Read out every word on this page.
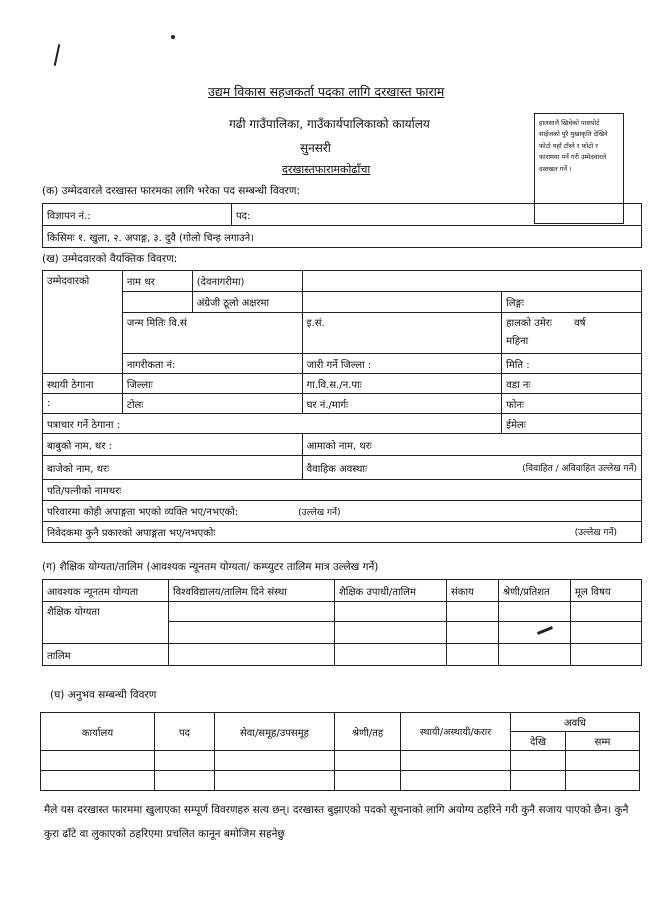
उद्यम विकास सहजकर्ता पदका लागि दरखास्त फाराम
गढी गाउँपालिका, गाउँकार्यपालिकाको कार्यालय
सुनसरी
दरखास्तफारामकोढाँचा
हालसालै खिचेको पासपोर्ट साईजको पुरै मुखाकृति देखिने फोटो यहाँ टाँस्ने र फोटो र फाराममा पर्ने गरी उम्मेदवारले दस्तखत गर्ने ।
(क) उम्मेदवारले दरखास्त फारमका लागि भरेका पद सम्बन्धी विवरण:
विज्ञापन नं.:	पद:
किसिमः १. खुला, २. अपाङ्ग, ३. दुवै (गोलो चिन्ह लगाउने।
(ख) उम्मेदवारको वैयक्तिक विवरण:
उम्मेदवारको	नाम थर	(देवनागरीमा)		
		अंग्रेजी ठूलो अक्षरमा		लिङ्गः
	जन्म मितिः वि.सं		इ.सं.	हालको उमेरः वर्ष
महिना
	नागरीकता नं:		जारी गर्ने जिल्ला :	मिति :
स्थायी ठेगाना	जिल्लाः		गा.वि.स./न.पाः	वडा नः
:	टोलः		घर नं./मार्गः	फोनः
पत्राचार गर्ने ठेगाना :				ईमेलः
बाबुको नाम, थर :			आमाको नाम, थरः	
बाजेको नाम, थरः			वैवाहिक अवस्थाः (विवाहित / अविवाहित उल्लेख गर्ने)	

पति/पत्नीको नामथरः				
परिवारमा कोही अपाङ्गता भएको व्यक्ति भए/नभएको: (उल्लेख गर्ने)				
निवेदकमा कुनै प्रकारको अपाङ्गता भए/नभएकोः (उल्लेख गर्ने)				
(ग) शैक्षिक योग्यता/तालिम (आवश्यक न्यूनतम योग्यता/ कम्प्युटर तालिम मात्र उल्लेख गर्ने)
आवश्यक न्यूनतम योग्यता	विश्वविद्यालय/तालिम दिने संस्था	शैक्षिक उपाधी/तालिम	संकाय	श्रेणी/प्रतिशत	मूल विषय
शैक्षिक योग्यता					

तालिम					
(घ) अनुभव सम्बन्धी विवरण
कार्यालय	पद	सेवा/समूह/उपसमूह	श्रेणी/तह	स्थायी/अस्थायी/करार	अवधि	
					देखि	सम्म

मैले यस दरखास्त फारममा खुलाएका सम्पूर्ण विवरणहरु सत्य छन्। दरखास्त बुझाएको पदको सूचनाको लागि अयोग्य ठहरिने गरी कुनै सजाय पाएको छैन। कुनै कुरा ढाँटे वा लुकाएको ठहरिएमा प्रचलित कानून बमोजिम सहनेछु
